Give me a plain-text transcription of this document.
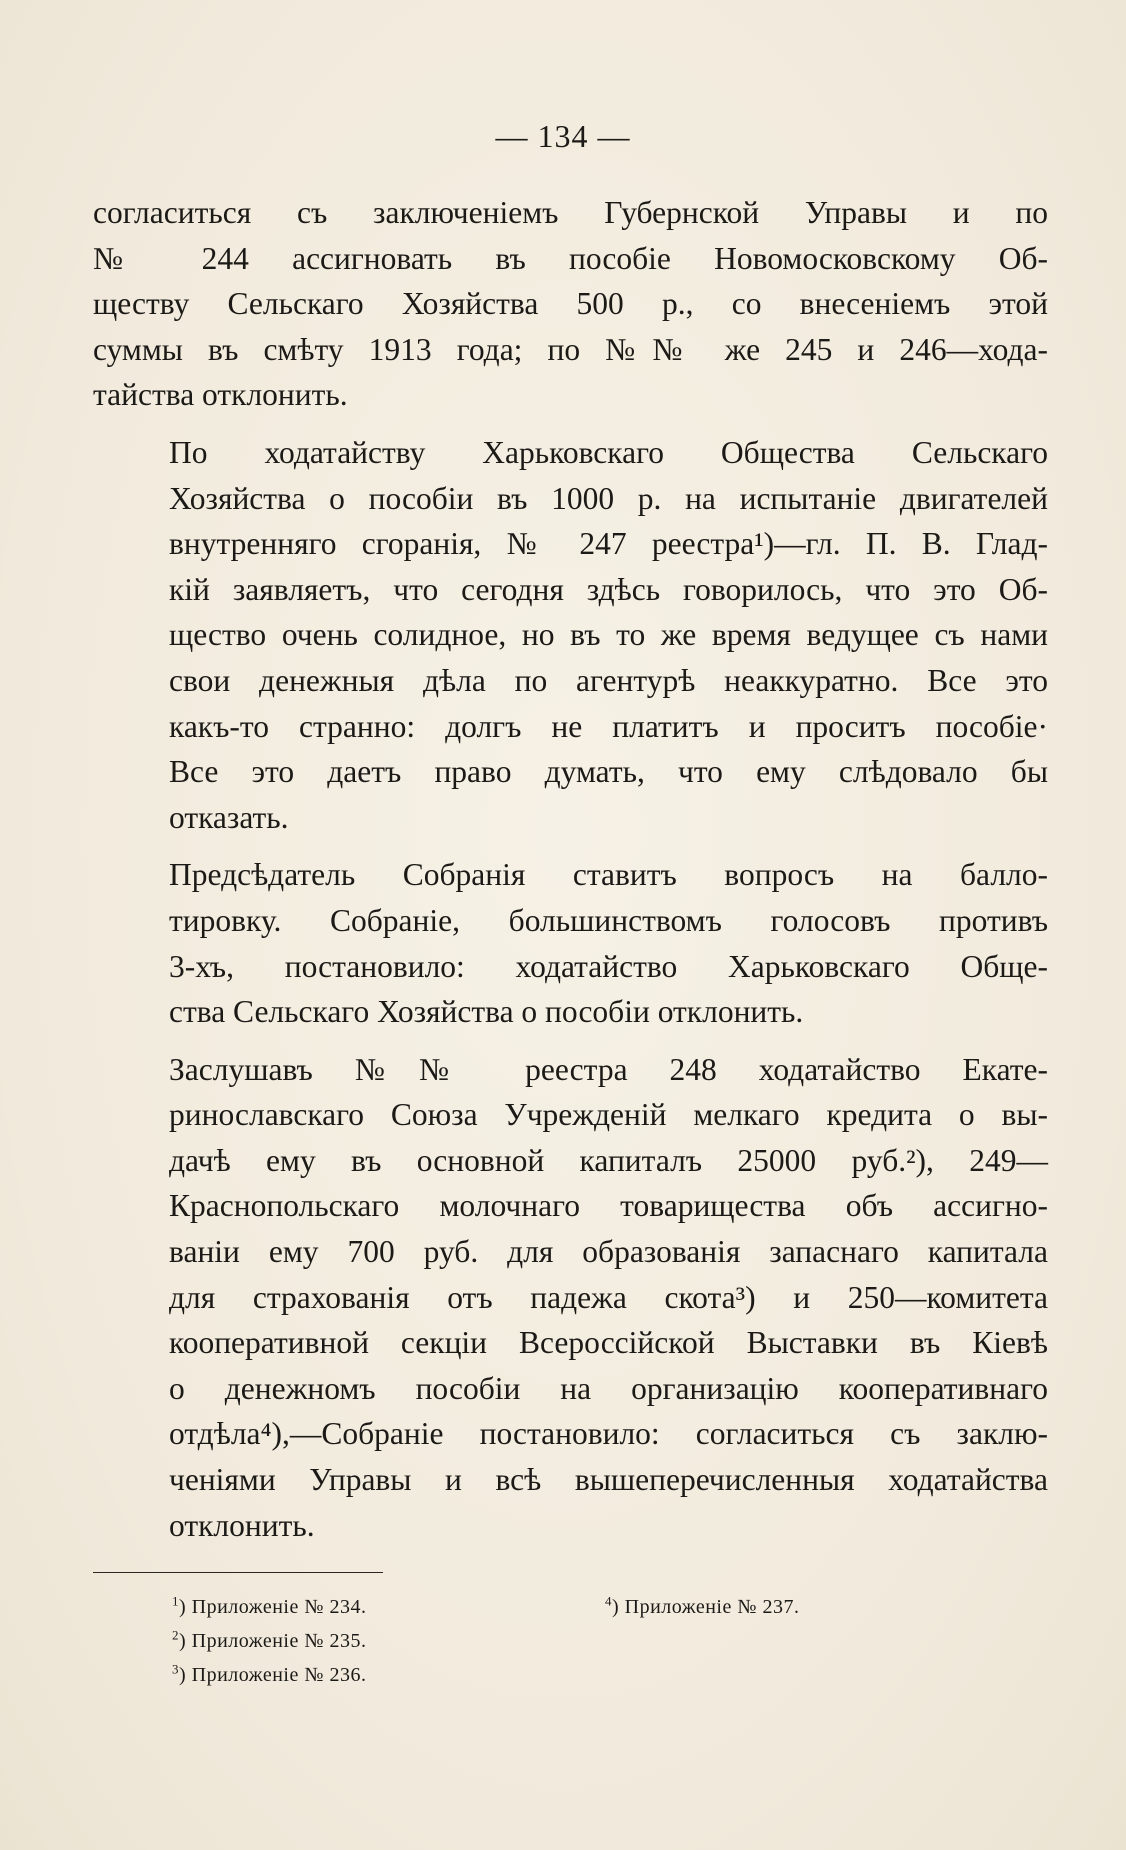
— 134 —

согласиться съ заключеніемъ Губернской Управы и по
№ 244 ассигновать въ пособіе Новомосковскому Об-
ществу Сельскаго Хозяйства 500 р., со внесеніемъ этой
суммы въ смѣту 1913 года; по №№ же 245 и 246—хода-
тайства отклонить.

По ходатайству Харьковскаго Общества Сельскаго
Хозяйства о пособіи въ 1000 р. на испытаніе двигателей
внутренняго сгоранія, № 247 реестра¹)—гл. П. В. Глад-
кій заявляетъ, что сегодня здѣсь говорилось, что это Об-
щество очень солидное, но въ то же время ведущее съ нами
свои денежныя дѣла по агентурѣ неаккуратно. Все это
какъ-то странно: долгъ не платитъ и проситъ пособіе·
Все это даетъ право думать, что ему слѣдовало бы
отказать.

Предсѣдатель Собранія ставитъ вопросъ на балло-
тировку. Собраніе, большинствомъ голосовъ противъ
3-хъ, постановило: ходатайство Харьковскаго Обще-
ства Сельскаго Хозяйства о пособіи отклонить.

Заслушавъ №№ реестра 248 ходатайство Екате-
ринославскаго Союза Учрежденій мелкаго кредита о вы-
дачѣ ему въ основной капиталъ 25000 руб.²), 249—
Краснопольскаго молочнаго товарищества объ ассигно-
ваніи ему 700 руб. для образованія запаснаго капитала
для страхованія отъ падежа скота³) и 250—комитета
кооперативной секціи Всероссійской Выставки въ Кіевѣ
о денежномъ пособіи на организацію кооперативнаго
отдѣла⁴),—Собраніе постановило: согласиться съ заклю-
ченіями Управы и всѣ вышеперечисленныя ходатайства
отклонить.

$^1$) Приложеніе № 234.
$^2$) Приложеніе № 235.
$^3$) Приложеніе № 236.
$^4$) Приложеніе № 237.
